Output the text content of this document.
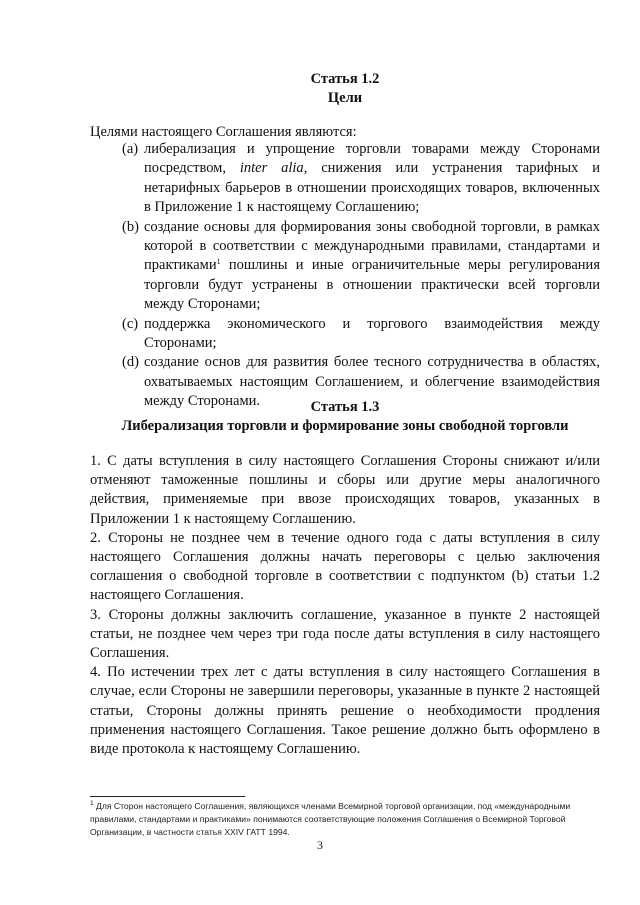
Статья 1.2
Цели
Целями настоящего Соглашения являются:
(a) либерализация и упрощение торговли товарами между Сторонами посредством, inter alia, снижения или устранения тарифных и нетарифных барьеров в отношении происходящих товаров, включенных в Приложение 1 к настоящему Соглашению;
(b) создание основы для формирования зоны свободной торговли, в рамках которой в соответствии с международными правилами, стандартами и практиками$^1$ пошлины и иные ограничительные меры регулирования торговли будут устранены в отношении практически всей торговли между Сторонами;
(c) поддержка экономического и торгового взаимодействия между Сторонами;
(d) создание основ для развития более тесного сотрудничества в областях, охватываемых настоящим Соглашением, и облегчение взаимодействия между Сторонами.	Статья 1.3
Либерализация торговли и формирование зоны свободной торговли

1. С даты вступления в силу настоящего Соглашения Стороны снижают и/или отменяют таможенные пошлины и сборы или другие меры аналогичного действия, применяемые при ввозе происходящих товаров, указанных в Приложении 1 к настоящему Соглашению.

2. Стороны не позднее чем в течение одного года с даты вступления в силу настоящего Соглашения должны начать переговоры с целью заключения соглашения о свободной торговле в соответствии с подпунктом (b) статьи 1.2 настоящего Соглашения.

3. Стороны должны заключить соглашение, указанное в пункте 2 настоящей статьи, не позднее чем через три года после даты вступления в силу настоящего Соглашения.

4. По истечении трех лет с даты вступления в силу настоящего Соглашения в случае, если Стороны не завершили переговоры, указанные в пункте 2 настоящей статьи, Стороны должны принять решение о необходимости продления применения настоящего Соглашения. Такое решение должно быть оформлено в виде протокола к настоящему Соглашению.

$^1$ Для Сторон настоящего Соглашения, являющихся членами Всемирной торговой организации, под «международными правилами, стандартами и практиками» понимаются соответствующие положения Соглашения о Всемирной Торговой Организации, в частности статья XXIV ГАТТ 1994.
3
